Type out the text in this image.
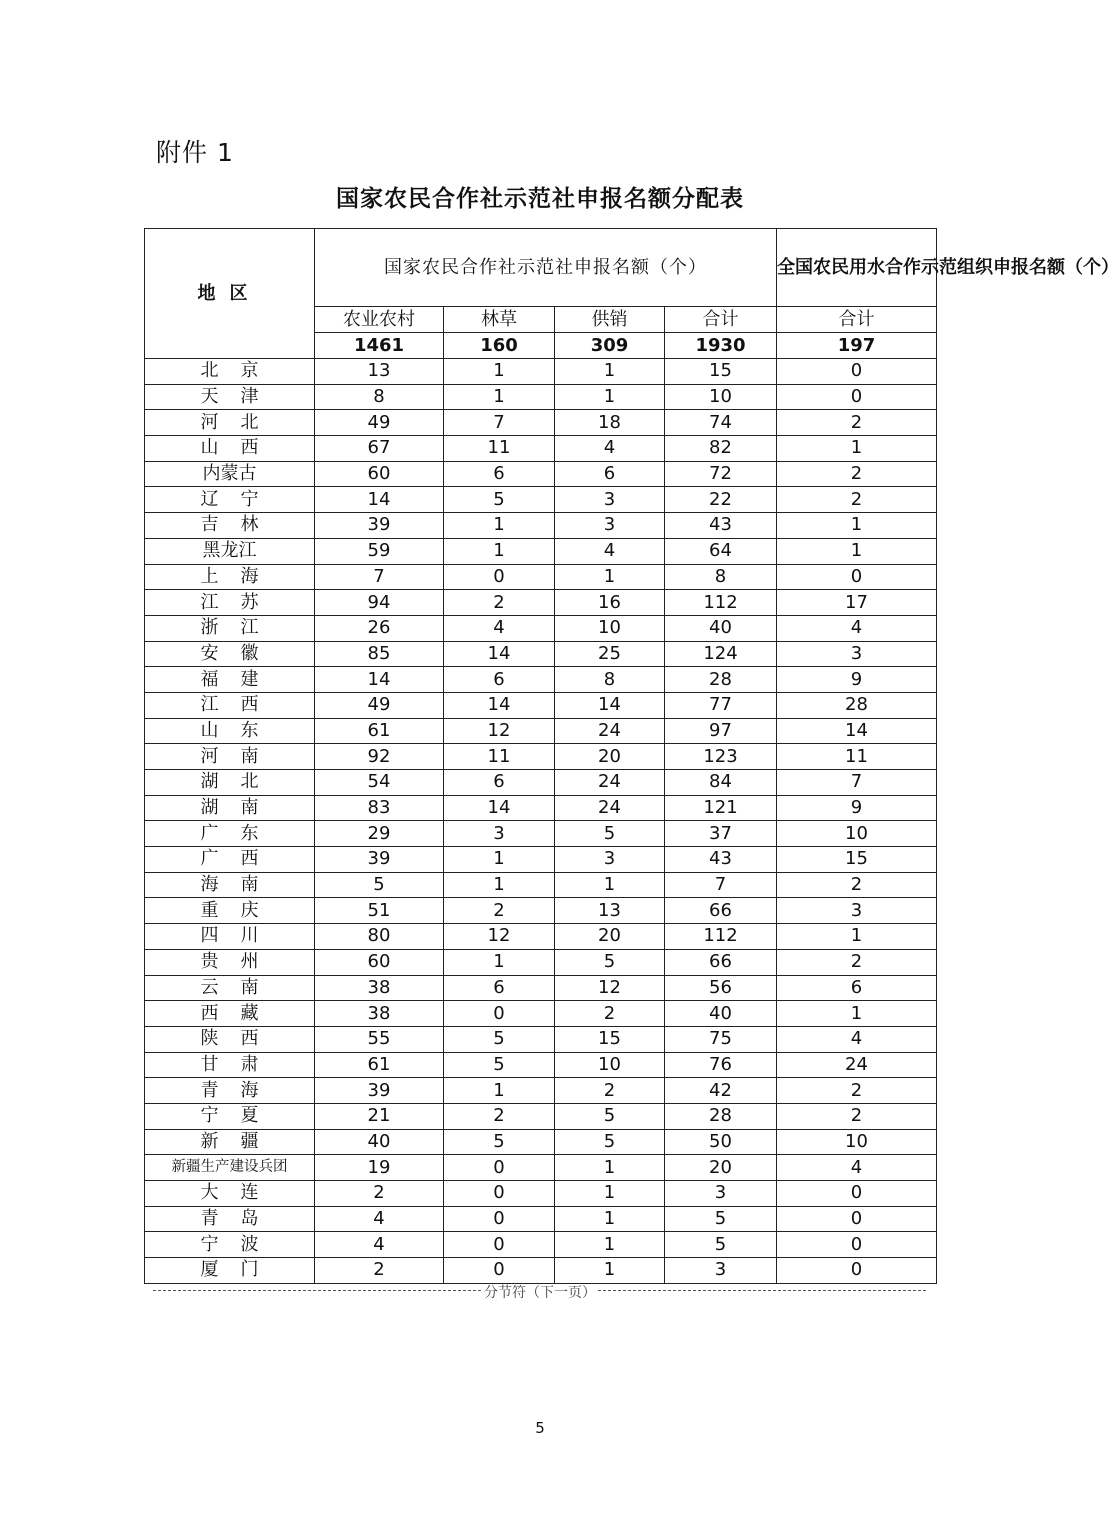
附件 1
国家农民合作社示范社申报名额分配表
地区	国家农民合作社示范社申报名额（个）				全国农民用水合作示范组织申报名额（个）
	农业农村	林草	供销	合计	合计
	1461	160	309	1930	197
北京	13	1	1	15	0
天津	8	1	1	10	0
河北	49	7	18	74	2
山西	67	11	4	82	1
内蒙古	60	6	6	72	2
辽宁	14	5	3	22	2
吉林	39	1	3	43	1
黑龙江	59	1	4	64	1
上海	7	0	1	8	0
江苏	94	2	16	112	17
浙江	26	4	10	40	4
安徽	85	14	25	124	3
福建	14	6	8	28	9
江西	49	14	14	77	28
山东	61	12	24	97	14
河南	92	11	20	123	11
湖北	54	6	24	84	7
湖南	83	14	24	121	9
广东	29	3	5	37	10
广西	39	1	3	43	15
海南	5	1	1	7	2
重庆	51	2	13	66	3
四川	80	12	20	112	1
贵州	60	1	5	66	2
云南	38	6	12	56	6
西藏	38	0	2	40	1
陕西	55	5	15	75	4
甘肃	61	5	10	76	24
青海	39	1	2	42	2
宁夏	21	2	5	28	2
新疆	40	5	5	50	10
新疆生产建设兵团	19	0	1	20	4
大连	2	0	1	3	0
青岛	4	0	1	5	0
宁波	4	0	1	5	0
厦门	2	0	1	3	0
分节符（下一页）
5
